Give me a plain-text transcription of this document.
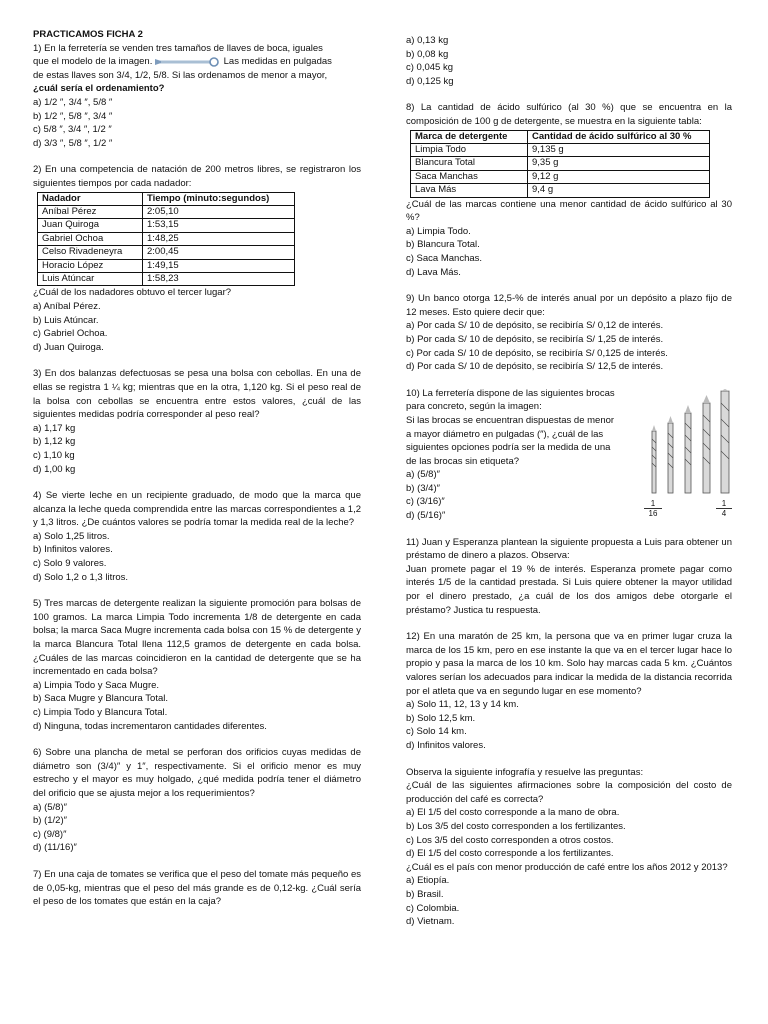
PRACTICAMOS FICHA 2

1) En la ferretería se venden tres tamaños de llaves de boca, iguales

que el modelo de la imagen.	Las medidas en pulgadas

de estas llaves son 3/4, 1/2, 5/8. Si las ordenamos de menor a mayor,

¿cuál sería el ordenamiento?

a) 1/2 ″, 3/4 ″, 5/8 ″

b) 1/2 ″, 5/8 ″, 3/4 ″

c) 5/8 ″, 3/4 ″, 1/2 ″

d) 3/3 ″, 5/8 ″, 1/2 ″

2) En una competencia de natación de 200 metros libres, se registraron los siguientes tiempos por cada nadador:

Nadador	Tiempo (minuto:segundos)
Aníbal Pérez	2:05,10
Juan Quiroga	1:53,15
Gabriel Ochoa	1:48,25
Celso Rivadeneyra	2:00,45
Horacio López	1:49,15
Luis Atúncar	1:58,23

¿Cuál de los nadadores obtuvo el tercer lugar?

a) Aníbal Pérez.

b) Luis Atúncar.

c) Gabriel Ochoa.

d) Juan Quiroga.

3) En dos balanzas defectuosas se pesa una bolsa con cebollas. En una de ellas se registra 1 ¼ kg; mientras que en la otra, 1,120 kg. Si el peso real de la bolsa con cebollas se encuentra entre estos valores, ¿cuál de las siguientes medidas podría corresponder al peso real?

a) 1,17 kg

b) 1,12 kg

c) 1,10 kg

d) 1,00 kg

4) Se vierte leche en un recipiente graduado, de modo que la marca que alcanza la leche queda comprendida entre las marcas correspondientes a 1,2 y 1,3 litros. ¿De cuántos valores se podría tomar la medida real de la leche?

a) Solo 1,25 litros.

b) Infinitos valores.

c) Solo 9 valores.

d) Solo 1,2 o 1,3 litros.

5) Tres marcas de detergente realizan la siguiente promoción para bolsas de 100 gramos. La marca Limpia Todo incrementa 1/8 de detergente en cada bolsa; la marca Saca Mugre incrementa cada bolsa con 15 % de detergente y la marca Blancura Total llena 112,5 gramos de detergente en cada bolsa. ¿Cuáles de las marcas coincidieron en la cantidad de detergente que se ha incrementado en cada bolsa?

a) Limpia Todo y Saca Mugre.

b) Saca Mugre y Blancura Total.

c) Limpia Todo y Blancura Total.

d) Ninguna, todas incrementaron cantidades diferentes.

6) Sobre una plancha de metal se perforan dos orificios cuyas medidas de diámetro son (3/4)″ y 1″, respectivamente. Si el orificio menor es muy estrecho y el mayor es muy holgado, ¿qué medida podría tener el diámetro del orificio que se ajusta mejor a los requerimientos?

a) (5/8)″

b) (1/2)″

c) (9/8)″

d) (11/16)″

7) En una caja de tomates se verifica que el peso del tomate más pequeño es de 0,05-kg, mientras que el peso del más grande es de 0,12-kg. ¿Cuál sería el peso de los tomates que están en la caja?

a) 0,13 kg

b) 0,08 kg

c) 0,045 kg

d) 0,125 kg

8) La cantidad de ácido sulfúrico (al 30 %) que se encuentra en la composición de 100 g de detergente, se muestra en la siguiente tabla:

Marca de detergente	Cantidad de ácido sulfúrico al 30 %
Limpia Todo	9,135 g
Blancura Total	9,35 g
Saca Manchas	9,12 g
Lava Más	9,4 g

¿Cuál de las marcas contiene una menor cantidad de ácido sulfúrico al 30 %?

a) Limpia Todo.

b) Blancura Total.

c) Saca Manchas.

d) Lava Más.

9) Un banco otorga 12,5-% de interés anual por un depósito a plazo fijo de 12 meses. Esto quiere decir que:

a) Por cada S/ 10 de depósito, se recibiría S/ 0,12 de interés.

b) Por cada S/ 10 de depósito, se recibiría S/ 1,25 de interés.

c) Por cada S/ 10 de depósito, se recibiría S/ 0,125 de interés.

d) Por cada S/ 10 de depósito, se recibiría S/ 12,5 de interés.

10) La ferretería dispone de las siguientes brocas

para concreto, según la imagen:

Si las brocas se encuentran dispuestas de menor

a mayor diámetro en pulgadas (″), ¿cuál de las

siguientes opciones podría ser la medida de una

de las brocas sin etiqueta?

a) (5/8)″

b) (3/4)″

c) (3/16)″

d) (5/16)″	$\frac{1}{16}$	$\frac{1}{4}$

11) Juan y Esperanza plantean la siguiente propuesta a Luis para obtener un préstamo de dinero a plazos. Observa:

Juan promete pagar el 19 % de interés. Esperanza promete pagar como interés 1/5 de la cantidad prestada. Si Luis quiere obtener la mayor utilidad por el dinero prestado, ¿a cuál de los dos amigos debe otorgarle el préstamo? Justica tu respuesta.

12) En una maratón de 25 km, la persona que va en primer lugar cruza la marca de los 15 km, pero en ese instante la que va en el tercer lugar hace lo propio y pasa la marca de los 10 km. Solo hay marcas cada 5 km. ¿Cuántos valores serían los adecuados para indicar la medida de la distancia recorrida por el atleta que va en segundo lugar en ese momento?

a) Solo 11, 12, 13 y 14 km.

b) Solo 12,5 km.

c) Solo 14 km.

d) Infinitos valores.

Observa la siguiente infografía y resuelve las preguntas:

¿Cuál de las siguientes afirmaciones sobre la composición del costo de producción del café es correcta?

a) El 1/5 del costo corresponde a la mano de obra.

b) Los 3/5 del costo corresponden a los fertilizantes.

c) Los 3/5 del costo corresponden a otros costos.

d) El 1/5 del costo corresponde a los fertilizantes.

¿Cuál es el país con menor producción de café entre los años 2012 y 2013?

a) Etiopía.

b) Brasil.

c) Colombia.

d) Vietnam.
